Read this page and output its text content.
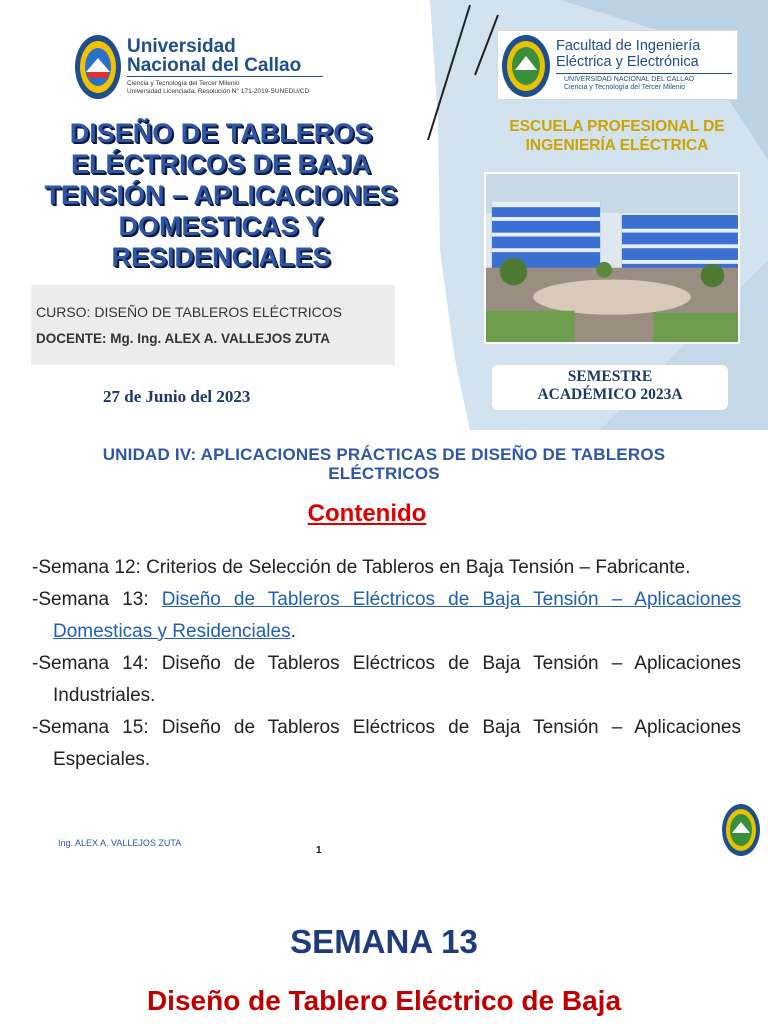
Universidad
Nacional del Callao
Ciencia y Tecnología del Tercer Milenio
Universidad Licenciada, Resolución N° 171-2019-SUNEDU/CD
DISEÑO DE TABLEROS
ELÉCTRICOS DE BAJA
TENSIÓN – APLICACIONES
DOMESTICAS Y
RESIDENCIALES
CURSO: DISEÑO DE TABLEROS ELÉCTRICOS
DOCENTE: Mg. Ing. ALEX A. VALLEJOS ZUTA
27 de Junio del 2023
Facultad de Ingeniería
Eléctrica y Electrónica
UNIVERSIDAD NACIONAL DEL CALLAO
Ciencia y Tecnología del Tercer Milenio
ESCUELA PROFESIONAL DE
INGENIERÍA ELÉCTRICA
SEMESTRE
ACADÉMICO 2023A
UNIDAD IV: APLICACIONES PRÁCTICAS DE DISEÑO DE TABLEROS
ELÉCTRICOS
Contenido
-Semana 12: Criterios de Selección de Tableros en Baja Tensión – Fabricante.
-Semana 13: Diseño de Tableros Eléctricos de Baja Tensión – Aplicaciones Domesticas y Residenciales.
-Semana 14: Diseño de Tableros Eléctricos de Baja Tensión – Aplicaciones Industriales.
-Semana 15: Diseño de Tableros Eléctricos de Baja Tensión – Aplicaciones Especiales.
Ing. ALEX A. VALLEJOS ZUTA
1
SEMANA 13
Diseño de Tablero Eléctrico de Baja
